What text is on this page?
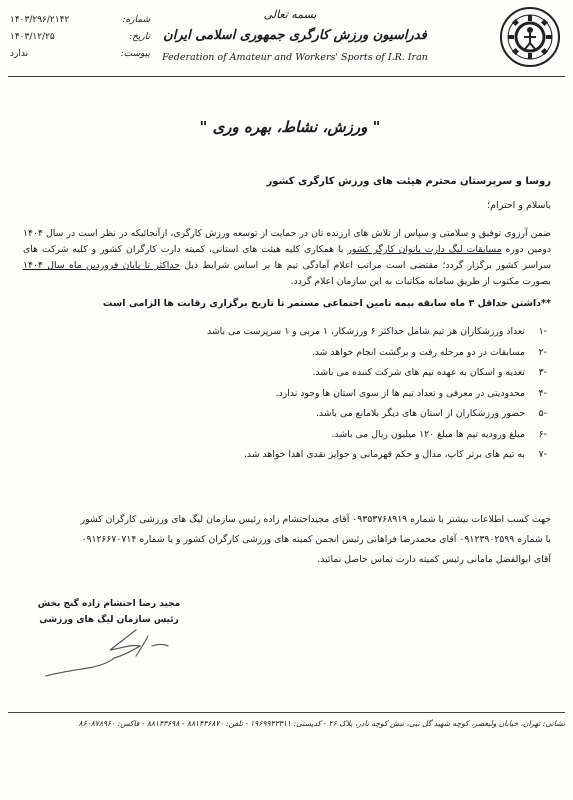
بسمه تعالی
فدراسیون ورزش کارگری جمهوری اسلامی ایران
Federation of Amateur and Workers' Sports of I.R. Iran
شماره:
۱۴۰۳/۲۹۶/۲۱۴۲
تاریخ:
۱۴۰۳/۱۲/۲۵
پیوست:
ندارد
" ورزش، نشاط، بهره وری "
روسا و سرپرستان محترم هیئت های ورزش کارگری کشور
باسلام و احترام؛
ضمن آرزوی توفیق و سلامتی و سپاس از تلاش های ارزنده تان در حمایت از توسعه ورزش کارگری، ازآنجائیکه در نظر است در سال ۱۴۰۴ دومین دوره مسابقات لیگ دارت بانوان کارگر کشور با همکاری کلیه هیئت های استانی، کمیته دارت کارگران کشور و کلیه شرکت های سراسر کشور برگزار گردد؛ مقتضی است مراتب اعلام آمادگی تیم ها بر اساس شرایط ذیل حداکثر تا پایان فروردین ماه سال ۱۴۰۴ بصورت مکتوب از طریق سامانه مکاتبات به این سازمان اعلام گردد.
**داشتن حداقل ۳ ماه سابقه بیمه تامین اجتماعی مستمر تا تاریخ برگزاری رقابت ها الزامی است
-۱
تعداد ورزشکاران هر تیم شامل حداکثر ۶ ورزشکار، ۱ مربی و ۱ سرپرست می باشد
-۲
مسابقات در دو مرحله رفت و برگشت انجام خواهد شد.
-۳
تغذیه و اسکان به عهده تیم های شرکت کننده می باشد.
-۴
محدودیتی در معرفی و تعداد تیم ها از سوی استان ها وجود ندارد.
-۵
حضور ورزشکاران از استان های دیگر بلامانع می باشد.
-۶
مبلغ ورودیه تیم ها مبلغ ۱۲۰ میلیون ریال می باشد.
-۷
به تیم های برتر کاپ، مدال و حکم قهرمانی و جوایز نقدی اهدا خواهد شد.
جهت کسب اطلاعات بیشتر با شماره ۰۹۳۵۳۷۶۸۹۱۹ آقای مجیداحتشام زاده رئیس سازمان لیگ های ورزشی کارگران کشور
یا شماره ۰۹۱۲۳۹۰۲۵۹۹ آقای محمدرضا فراهانی رئیس انجمن کمیته های ورزشی کارگران کشور و یا شماره ۰۹۱۲۶۶۷۰۷۱۴
آقای ابوالفضل مامانی رئیس کمیته دارت تماس حاصل نمائید.
مجید رضا احتشام زاده گنج بخش
رئیس سازمان لیگ های ورزشی
نشانی: تهران، خیابان ولیعصر، کوچه شهید گل نبی، نبش کوچه نادر، پلاک ۲۶ - کدپستی: ۱۹۶۹۹۴۳۳۱۱ - تلفن: ۸۸۱۴۳۶۸۷۰ - ۸۸۱۴۳۶۹۸ - فاکس: ۸۶۰۸۷۸۹۶۰
